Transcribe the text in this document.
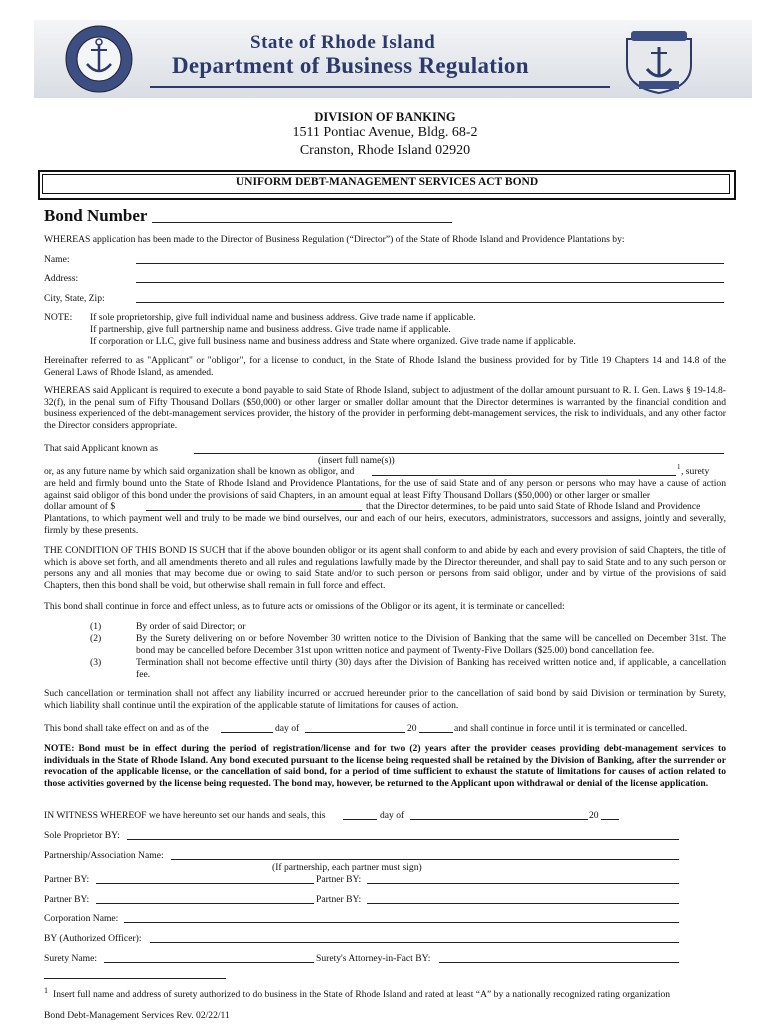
State of Rhode Island
Department of Business Regulation
DIVISION OF BANKING
1511 Pontiac Avenue, Bldg. 68-2
Cranston, Rhode Island 02920
UNIFORM DEBT-MANAGEMENT SERVICES ACT BOND
Bond Number
WHEREAS application has been made to the Director of Business Regulation (“Director”) of the State of Rhode Island and Providence Plantations by:
Name:
Address:
City, State, Zip:
NOTE: If sole proprietorship, give full individual name and business address. Give trade name if applicable.
If partnership, give full partnership name and business address. Give trade name if applicable.
If corporation or LLC, give full business name and business address and State where organized. Give trade name if applicable.
Hereinafter referred to as "Applicant" or "obligor", for a license to conduct, in the State of Rhode Island the business provided for by Title 19 Chapters 14 and 14.8 of the General Laws of Rhode Island, as amended.
WHEREAS said Applicant is required to execute a bond payable to said State of Rhode Island, subject to adjustment of the dollar amount pursuant to R. I. Gen. Laws § 19-14.8-32(f), in the penal sum of Fifty Thousand Dollars ($50,000) or other larger or smaller dollar amount that the Director determines is warranted by the financial condition and business experienced of the debt-management services provider, the history of the provider in performing debt-management services, the risk to individuals, and any other factor the Director considers appropriate.
That said Applicant known as
(insert full name(s))
or, as any future name by which said organization shall be known as obligor, and	1 , surety
are held and firmly bound unto the State of Rhode Island and Providence Plantations, for the use of said State and of any person or persons who may have a cause of action against said obligor of this bond under the provisions of said Chapters, in an amount equal at least Fifty Thousand Dollars ($50,000) or other larger or smaller
dollar amount of $	that the Director determines, to be paid unto said State of Rhode Island and Providence
Plantations, to which payment well and truly to be made we bind ourselves, our and each of our heirs, executors, administrators, successors and assigns, jointly and severally, firmly by these presents.
THE CONDITION OF THIS BOND IS SUCH that if the above bounden obligor or its agent shall conform to and abide by each and every provision of said Chapters, the title of which is above set forth, and all amendments thereto and all rules and regulations lawfully made by the Director thereunder, and shall pay to said State and to any such person or persons any and all monies that may become due or owing to said State and/or to such person or persons from said obligor, under and by virtue of the provisions of said Chapters, then this bond shall be void, but otherwise shall remain in full force and effect.
This bond shall continue in force and effect unless, as to future acts or omissions of the Obligor or its agent, it is terminate or cancelled:
(1)	By order of said Director; or
(2)	By the Surety delivering on or before November 30 written notice to the Division of Banking that the same will be cancelled on December 31st. The bond may be cancelled before December 31st upon written notice and payment of Twenty-Five Dollars ($25.00) bond cancellation fee.
(3)	Termination shall not become effective until thirty (30) days after the Division of Banking has received written notice and, if applicable, a cancellation fee.
Such cancellation or termination shall not affect any liability incurred or accrued hereunder prior to the cancellation of said bond by said Division or termination by Surety, which liability shall continue until the expiration of the applicable statute of limitations for causes of action.
This bond shall take effect on and as of the	day of	20	and shall continue in force until it is terminated or cancelled.
NOTE: Bond must be in effect during the period of registration/license and for two (2) years after the provider ceases providing debt-management services to individuals in the State of Rhode Island. Any bond executed pursuant to the license being requested shall be retained by the Division of Banking, after the surrender or revocation of the applicable license, or the cancellation of said bond, for a period of time sufficient to exhaust the statute of limitations for causes of action related to those activities governed by the license being requested. The bond may, however, be returned to the Applicant upon withdrawal or denial of the license application.
IN WITNESS WHEREOF we have hereunto set our hands and seals, this	day of	20
Sole Proprietor BY:
Partnership/Association Name:
(If partnership, each partner must sign)
Partner BY:	Partner BY:
Partner BY:	Partner BY:
Corporation Name:
BY (Authorized Officer):
Surety Name:	Surety's Attorney-in-Fact BY:
1 Insert full name and address of surety authorized to do business in the State of Rhode Island and rated at least “A” by a nationally recognized rating organization
Bond Debt-Management Services Rev. 02/22/11
